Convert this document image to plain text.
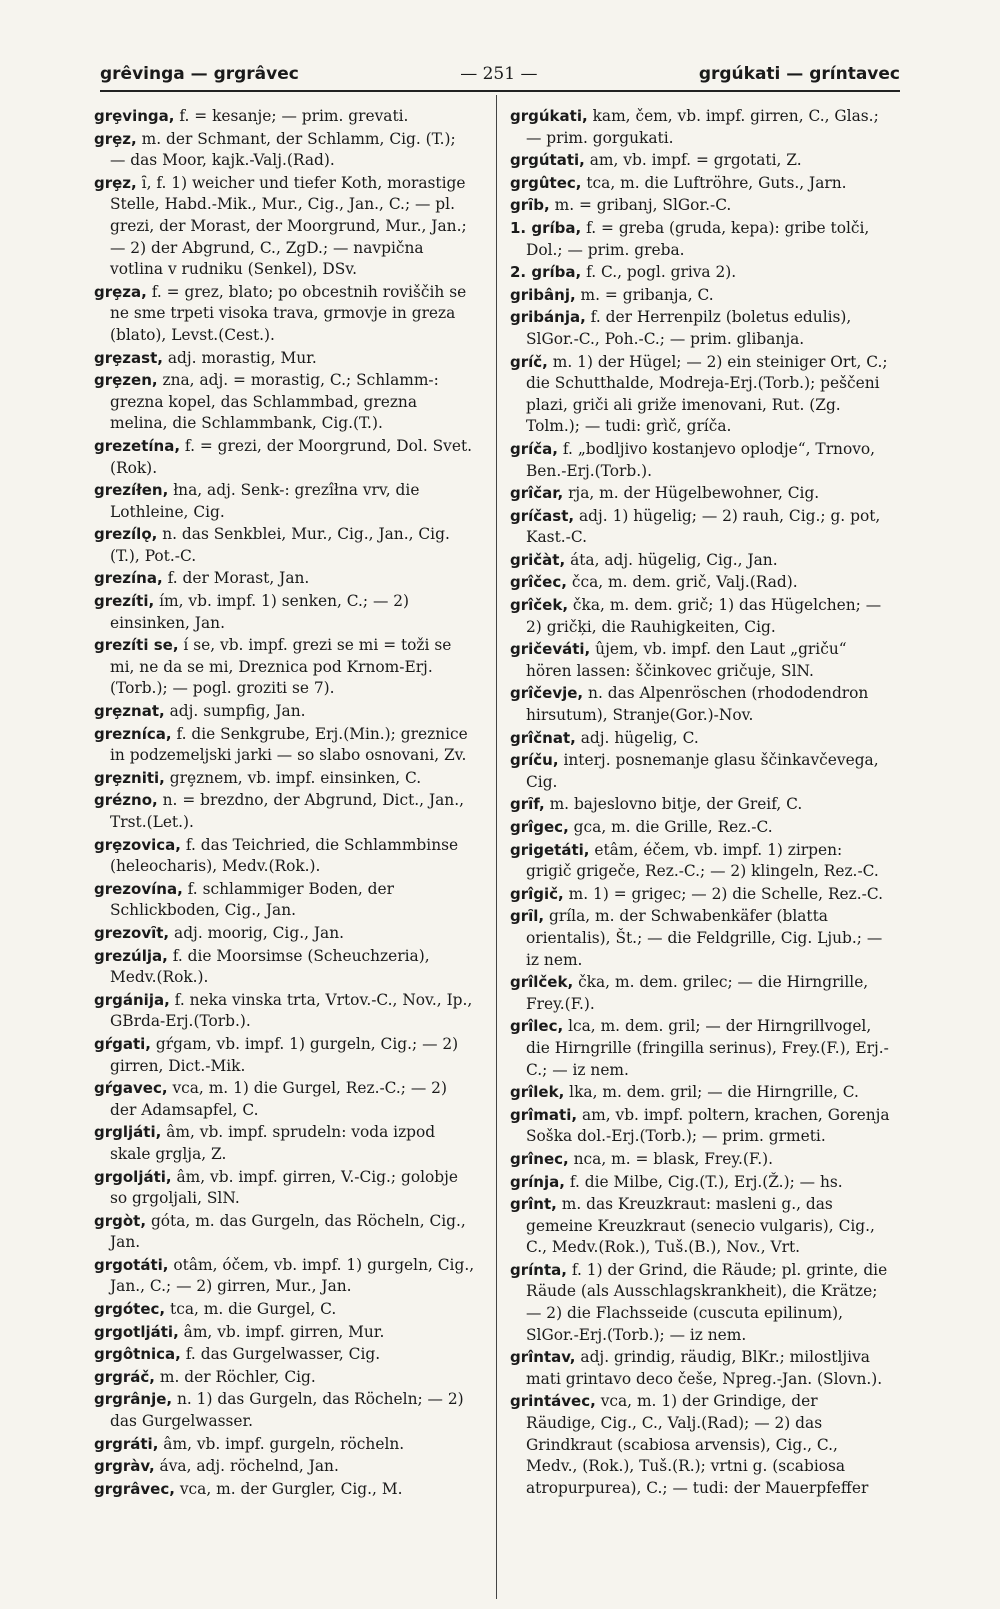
grêvinga — grgrâvec	— 251 —	grgúkati — gríntavec

grȩvinga, f. = kesanje; — prim. grevati.

grȩz, m. der Schmant, der Schlamm, Cig. (T.); — das Moor, kajk.-Valj.(Rad).

grȩz, ȋ, f. 1) weicher und tiefer Koth, morastige Stelle, Habd.-Mik., Mur., Cig., Jan., C.; — pl. grezi, der Morast, der Moorgrund, Mur., Jan.; — 2) der Abgrund, C., ZgD.; — navpična votlina v rudniku (Senkel), DSv.

grȩza, f. = grez, blato; po obcestnih roviščih se ne sme trpeti visoka trava, grmovje in greza (blato), Levst.(Cest.).

grȩzast, adj. morastig, Mur.

grȩzen, zna, adj. = morastig, C.; Schlamm-: grezna kopel, das Schlammbad, grezna melina, die Schlammbank, Cig.(T.).

grezetína, f. = grezi, der Moorgrund, Dol. Svet.(Rok).

grezíłen, łna, adj. Senk-: grezîłna vrv, die Lothleine, Cig.

grezílǫ, n. das Senkblei, Mur., Cig., Jan., Cig.(T.), Pot.-C.

grezína, f. der Morast, Jan.

grezíti, ím, vb. impf. 1) senken, C.; — 2) einsinken, Jan.

grezíti se, í se, vb. impf. grezi se mi = toži se mi, ne da se mi, Dreznica pod Krnom-Erj.(Torb.); — pogl. groziti se 7).

grȩznat, adj. sumpfig, Jan.

grezníca, f. die Senkgrube, Erj.(Min.); greznice in podzemeljski jarki — so slabo osnovani, Zv.

grȩzniti, grȩznem, vb. impf. einsinken, C.

grézno, n. = brezdno, der Abgrund, Dict., Jan., Trst.(Let.).

grȩzovica, f. das Teichried, die Schlammbinse (heleocharis), Medv.(Rok.).

grezovína, f. schlammiger Boden, der Schlickboden, Cig., Jan.

grezovȋt, adj. moorig, Cig., Jan.

grezúlja, f. die Moorsimse (Scheuchzeria), Medv.(Rok.).

grgánija, f. neka vinska trta, Vrtov.-C., Nov., Ip., GBrda-Erj.(Torb.).

gŕgati, gŕgam, vb. impf. 1) gurgeln, Cig.; — 2) girren, Dict.-Mik.

gŕgavec, vca, m. 1) die Gurgel, Rez.-C.; — 2) der Adamsapfel, C.

grgljáti, âm, vb. impf. sprudeln: voda izpod skale grglja, Z.

grgoljáti, âm, vb. impf. girren, V.-Cig.; golobje so grgoljali, SlN.

grgòt, góta, m. das Gurgeln, das Röcheln, Cig., Jan.

grgotáti, otâm, óčem, vb. impf. 1) gurgeln, Cig., Jan., C.; — 2) girren, Mur., Jan.

grgótec, tca, m. die Gurgel, C.

grgotljáti, âm, vb. impf. girren, Mur.

grgôtnica, f. das Gurgelwasser, Cig.

grgráč, m. der Röchler, Cig.

grgrânje, n. 1) das Gurgeln, das Röcheln; — 2) das Gurgelwasser.

grgráti, âm, vb. impf. gurgeln, röcheln.

grgràv, áva, adj. röchelnd, Jan.

grgrâvec, vca, m. der Gurgler, Cig., M.

grgúkati, kam, čem, vb. impf. girren, C., Glas.; — prim. gorgukati.

grgútati, am, vb. impf. = grgotati, Z.

grgûtec, tca, m. die Luftröhre, Guts., Jarn.

grȋb, m. = gribanj, SlGor.-C.

1. gríba, f. = greba (gruda, kepa): gribe tolči, Dol.; — prim. greba.

2. gríba, f. C., pogl. griva 2).

gribânj, m. = gribanja, C.

gribánja, f. der Herrenpilz (boletus edulis), SlGor.-C., Poh.-C.; — prim. glibanja.

gríč, m. 1) der Hügel; — 2) ein steiniger Ort, C.; die Schutthalde, Modreja-Erj.(Torb.); peščeni plazi, griči ali griže imenovani, Rut. (Zg. Tolm.); — tudi: grìč, gríča.

gríča, f. „bodljivo kostanjevo oplodje“, Trnovo, Ben.-Erj.(Torb.).

grîčar, rja, m. der Hügelbewohner, Cig.

gríčast, adj. 1) hügelig; — 2) rauh, Cig.; g. pot, Kast.-C.

gričàt, áta, adj. hügelig, Cig., Jan.

grîčec, čca, m. dem. grič, Valj.(Rad).

grîček, čka, m. dem. grič; 1) das Hügelchen; — 2) gričķi, die Rauhigkeiten, Cig.

gričeváti, ûjem, vb. impf. den Laut „griču“ hören lassen: ščinkovec gričuje, SlN.

grîčevje, n. das Alpenröschen (rhododendron hirsutum), Stranje(Gor.)-Nov.

grîčnat, adj. hügelig, C.

gríču, interj. posnemanje glasu ščinkavčevega, Cig.

grȋf, m. bajeslovno bitje, der Greif, C.

grîgec, gca, m. die Grille, Rez.-C.

grigetáti, etâm, éčem, vb. impf. 1) zirpen: grigič grigeče, Rez.-C.; — 2) klingeln, Rez.-C.

grîgič, m. 1) = grigec; — 2) die Schelle, Rez.-C.

grȋl, gríla, m. der Schwabenkäfer (blatta orientalis), Št.; — die Feldgrille, Cig. Ljub.; — iz nem.

grîlček, čka, m. dem. grilec; — die Hirngrille, Frey.(F.).

grîlec, lca, m. dem. gril; — der Hirngrillvogel, die Hirngrille (fringilla serinus), Frey.(F.), Erj.-C.; — iz nem.

grîlek, lka, m. dem. gril; — die Hirngrille, C.

grîmati, am, vb. impf. poltern, krachen, Gorenja Soška dol.-Erj.(Torb.); — prim. grmeti.

grînec, nca, m. = blask, Frey.(F.).

grínja, f. die Milbe, Cig.(T.), Erj.(Ž.); — hs.

grînt, m. das Kreuzkraut: masleni g., das gemeine Kreuzkraut (senecio vulgaris), Cig., C., Medv.(Rok.), Tuš.(B.), Nov., Vrt.

grínta, f. 1) der Grind, die Räude; pl. grinte, die Räude (als Ausschlagskrankheit), die Krätze; — 2) die Flachsseide (cuscuta epilinum), SlGor.-Erj.(Torb.); — iz nem.

grîntav, adj. grindig, räudig, BlKr.; milostljiva mati grintavo deco češe, Npreg.-Jan. (Slovn.).

grintávec, vca, m. 1) der Grindige, der Räudige, Cig., C., Valj.(Rad); — 2) das Grindkraut (scabiosa arvensis), Cig., C., Medv., (Rok.), Tuš.(R.); vrtni g. (scabiosa atropurpurea), C.; — tudi: der Mauerpfeffer
